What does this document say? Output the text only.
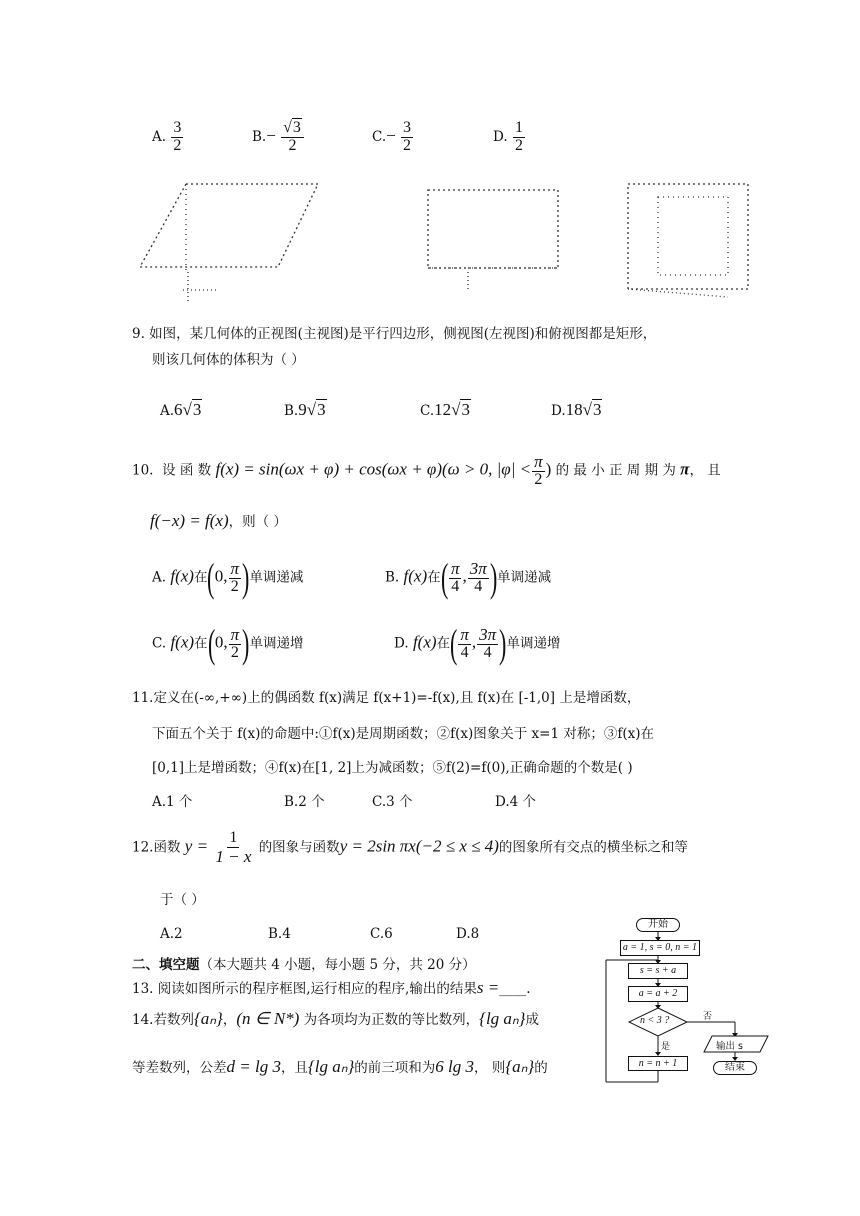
A. $\frac{3}{2}$	$B.- \frac{√3}{2}$	$C.- \frac{3}{2}$	D. $\frac{1}{2}$
9. 如图，某几何体的正视图(主视图)是平行四边形，侧视图(左视图)和俯视图都是矩形，
则该几何体的体积为（ ）
A.6√3	B.9√3	C.12√3	D.18√3
10. 设 函 数 f(x) = sin(ωx + φ) + cos(ωx + φ)(ω > 0, $|\varphi| < \frac{\pi}{2}$ ) 的 最 小 正 周 期 为 π， 且
f(−x) = f(x)，则（ ）
A. f(x)在(0, $\frac{\pi}{2}$ )单调递减	B. f(x)在( $\frac{\pi}{4}$ , $\frac{3\pi}{4}$ )单调递减
C. f(x)在(0, $\frac{\pi}{2}$ )单调递增	D. f(x)在( $\frac{\pi}{4}$ , $\frac{3\pi}{4}$ )单调递增
11.定义在(-∞,+∞)上的偶函数 f(x)满足 f(x+1)=-f(x),且 f(x)在 [-1,0] 上是增函数，
下面五个关于 f(x)的命题中:①f(x)是周期函数；②f(x)图象关于 x=1 对称；③f(x)在
[0,1]上是增函数；④f(x)在[1, 2]上为减函数；⑤f(2)=f(0),正确命题的个数是( )
A.1 个	B.2 个	C.3 个	D.4 个
12.函数 $y = \frac{1}{1 - x}$ 的图象与函数y = 2sin πx(−2 ≤ x ≤ 4)的图象所有交点的横坐标之和等
于（ ）
A.2	B.4	C.6	D.8
二、填空题（本大题共 4 小题，每小题 5 分，共 20 分）
13. 阅读如图所示的程序框图,运行相应的程序,输出的结果s =____.
14.若数列{aₙ}，(n ∈ N*) 为各项均为正数的等比数列，{lg aₙ}成
等差数列，公差d = lg 3，且{lg aₙ}的前三项和为6 lg 3， 则{aₙ}的
开始
a = 1, s = 0, n = 1
s = s + a
a = a + 2
n < 3 ?	否
是	输出 s
n = n + 1	结束
